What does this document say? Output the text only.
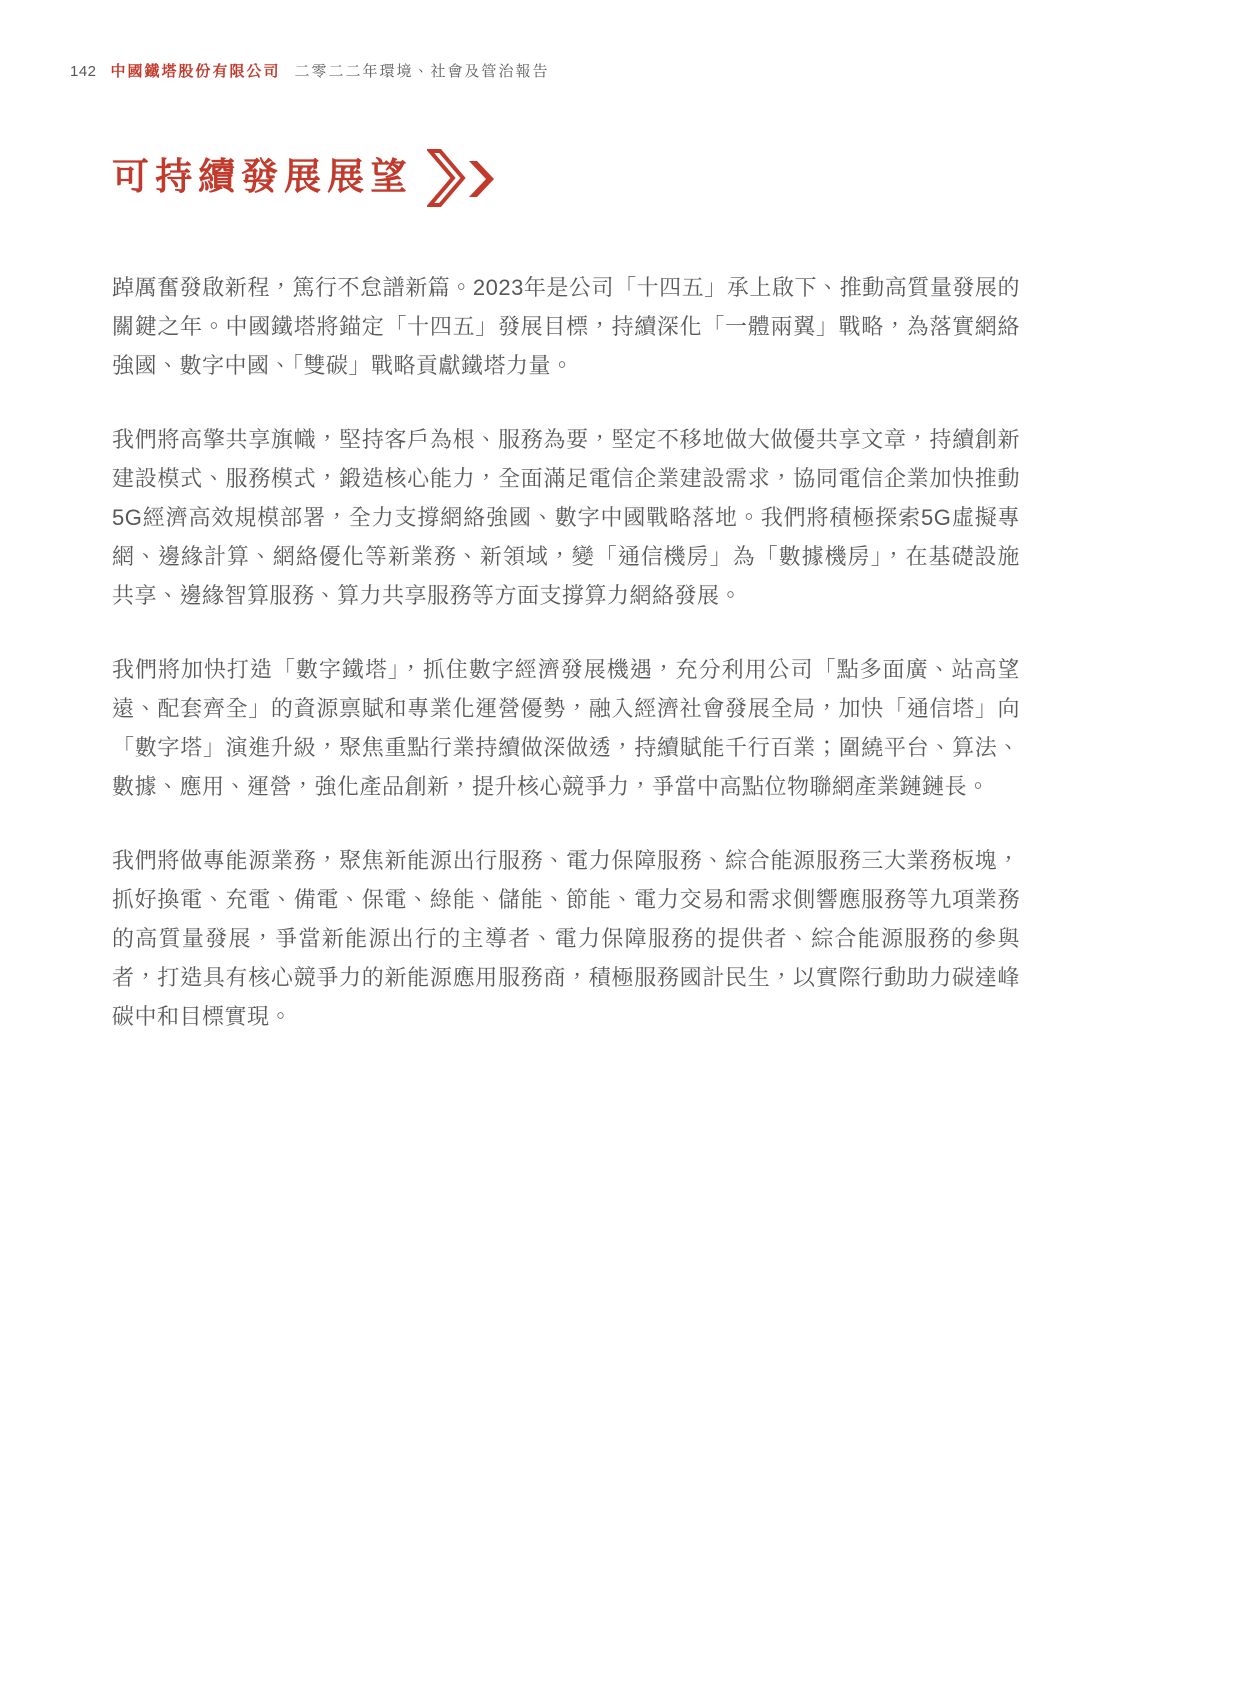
142 中國鐵塔股份有限公司 二零二二年環境、社會及管治報告
可持續發展展望

踔厲奮發啟新程，篤行不怠譜新篇。2023年是公司「十四五」承上啟下、推動高質量發展的關鍵之年。中國鐵塔將錨定「十四五」發展目標，持續深化「一體兩翼」戰略，為落實網絡強國、數字中國、「雙碳」戰略貢獻鐵塔力量。

我們將高擎共享旗幟，堅持客戶為根、服務為要，堅定不移地做大做優共享文章，持續創新建設模式、服務模式，鍛造核心能力，全面滿足電信企業建設需求，協同電信企業加快推動5G經濟高效規模部署，全力支撐網絡強國、數字中國戰略落地。我們將積極探索5G虛擬專網、邊緣計算、網絡優化等新業務、新領域，變「通信機房」為「數據機房」，在基礎設施共享、邊緣智算服務、算力共享服務等方面支撐算力網絡發展。

我們將加快打造「數字鐵塔」，抓住數字經濟發展機遇，充分利用公司「點多面廣、站高望遠、配套齊全」的資源禀賦和專業化運營優勢，融入經濟社會發展全局，加快「通信塔」向「數字塔」演進升級，聚焦重點行業持續做深做透，持續賦能千行百業；圍繞平台、算法、數據、應用、運營，強化產品創新，提升核心競爭力，爭當中高點位物聯網產業鏈鏈長。

我們將做專能源業務，聚焦新能源出行服務、電力保障服務、綜合能源服務三大業務板塊，抓好換電、充電、備電、保電、綠能、儲能、節能、電力交易和需求側響應服務等九項業務的高質量發展，爭當新能源出行的主導者、電力保障服務的提供者、綜合能源服務的參與者，打造具有核心競爭力的新能源應用服務商，積極服務國計民生，以實際行動助力碳達峰碳中和目標實現。
